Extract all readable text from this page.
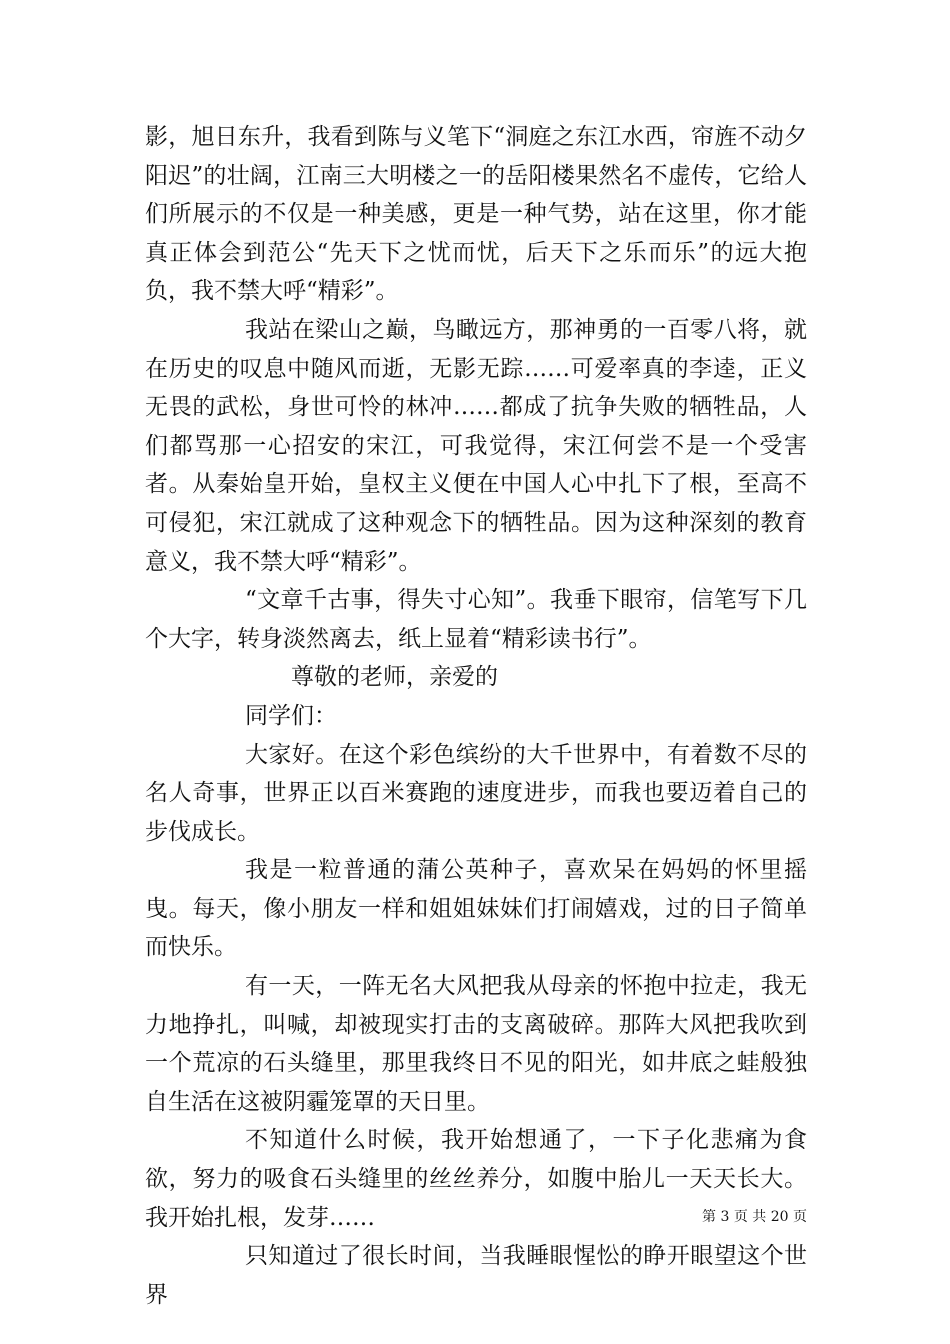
影，旭日东升，我看到陈与义笔下“洞庭之东江水西，帘旌不动夕阳迟”的壮阔，江南三大明楼之一的岳阳楼果然名不虚传，它给人们所展示的不仅是一种美感，更是一种气势，站在这里，你才能真正体会到范公“先天下之忧而忧，后天下之乐而乐”的远大抱负，我不禁大呼“精彩”。

我站在梁山之巅，鸟瞰远方，那神勇的一百零八将，就在历史的叹息中随风而逝，无影无踪……可爱率真的李逵，正义无畏的武松，身世可怜的林冲……都成了抗争失败的牺牲品，人们都骂那一心招安的宋江，可我觉得，宋江何尝不是一个受害者。从秦始皇开始，皇权主义便在中国人心中扎下了根，至高不可侵犯，宋江就成了这种观念下的牺牲品。因为这种深刻的教育意义，我不禁大呼“精彩”。

“文章千古事，得失寸心知”。我垂下眼帘，信笔写下几个大字，转身淡然离去，纸上显着“精彩读书行”。

尊敬的老师，亲爱的

同学们：

大家好。在这个彩色缤纷的大千世界中，有着数不尽的名人奇事，世界正以百米赛跑的速度进步，而我也要迈着自己的步伐成长。

我是一粒普通的蒲公英种子，喜欢呆在妈妈的怀里摇曳。每天，像小朋友一样和姐姐妹妹们打闹嬉戏，过的日子简单而快乐。

有一天，一阵无名大风把我从母亲的怀抱中拉走，我无力地挣扎，叫喊，却被现实打击的支离破碎。那阵大风把我吹到一个荒凉的石头缝里，那里我终日不见的阳光，如井底之蛙般独自生活在这被阴霾笼罩的天日里。

不知道什么时候，我开始想通了，一下子化悲痛为食欲，努力的吸食石头缝里的丝丝养分，如腹中胎儿一天天长大。我开始扎根，发芽……

只知道过了很长时间，当我睡眼惺忪的睁开眼望这个世界

第 3 页 共 20 页
